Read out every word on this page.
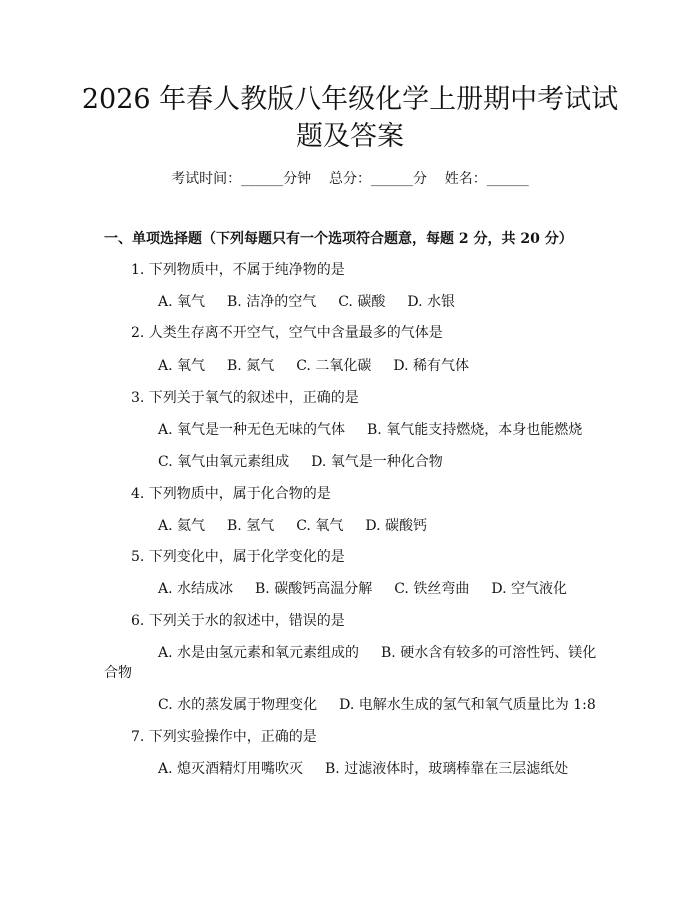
2026 年春人教版八年级化学上册期中考试试
题及答案
考试时间：______分钟    总分：______分    姓名：______
一、单项选择题（下列每题只有一个选项符合题意，每题 2 分，共 20 分）
1. 下列物质中，不属于纯净物的是
A. 氧气 B. 洁净的空气 C. 碳酸 D. 水银
2. 人类生存离不开空气，空气中含量最多的气体是
A. 氧气 B. 氮气 C. 二氧化碳 D. 稀有气体
3. 下列关于氧气的叙述中，正确的是
A. 氧气是一种无色无味的气体 B. 氧气能支持燃烧，本身也能燃烧
C. 氧气由氧元素组成 D. 氧气是一种化合物
4. 下列物质中，属于化合物的是
A. 氦气 B. 氢气 C. 氧气 D. 碳酸钙
5. 下列变化中，属于化学变化的是
A. 水结成冰 B. 碳酸钙高温分解 C. 铁丝弯曲 D. 空气液化
6. 下列关于水的叙述中，错误的是
A. 水是由氢元素和氧元素组成的 B. 硬水含有较多的可溶性钙、镁化
合物
C. 水的蒸发属于物理变化 D. 电解水生成的氢气和氧气质量比为 1:8
7. 下列实验操作中，正确的是
A. 熄灭酒精灯用嘴吹灭 B. 过滤液体时，玻璃棒靠在三层滤纸处
